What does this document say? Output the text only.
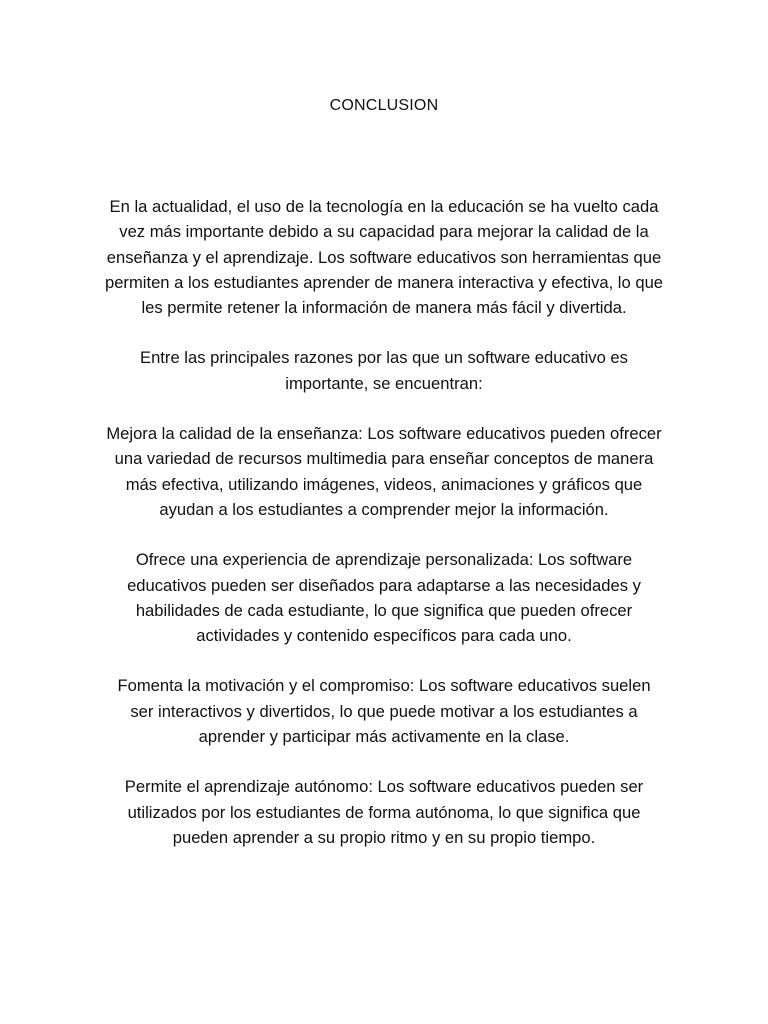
CONCLUSION

En la actualidad, el uso de la tecnología en la educación se ha vuelto cada vez más importante debido a su capacidad para mejorar la calidad de la enseñanza y el aprendizaje. Los software educativos son herramientas que permiten a los estudiantes aprender de manera interactiva y efectiva, lo que les permite retener la información de manera más fácil y divertida.

Entre las principales razones por las que un software educativo es importante, se encuentran:

Mejora la calidad de la enseñanza: Los software educativos pueden ofrecer una variedad de recursos multimedia para enseñar conceptos de manera más efectiva, utilizando imágenes, videos, animaciones y gráficos que ayudan a los estudiantes a comprender mejor la información.

Ofrece una experiencia de aprendizaje personalizada: Los software educativos pueden ser diseñados para adaptarse a las necesidades y habilidades de cada estudiante, lo que significa que pueden ofrecer actividades y contenido específicos para cada uno.

Fomenta la motivación y el compromiso: Los software educativos suelen ser interactivos y divertidos, lo que puede motivar a los estudiantes a aprender y participar más activamente en la clase.

Permite el aprendizaje autónomo: Los software educativos pueden ser utilizados por los estudiantes de forma autónoma, lo que significa que pueden aprender a su propio ritmo y en su propio tiempo.
